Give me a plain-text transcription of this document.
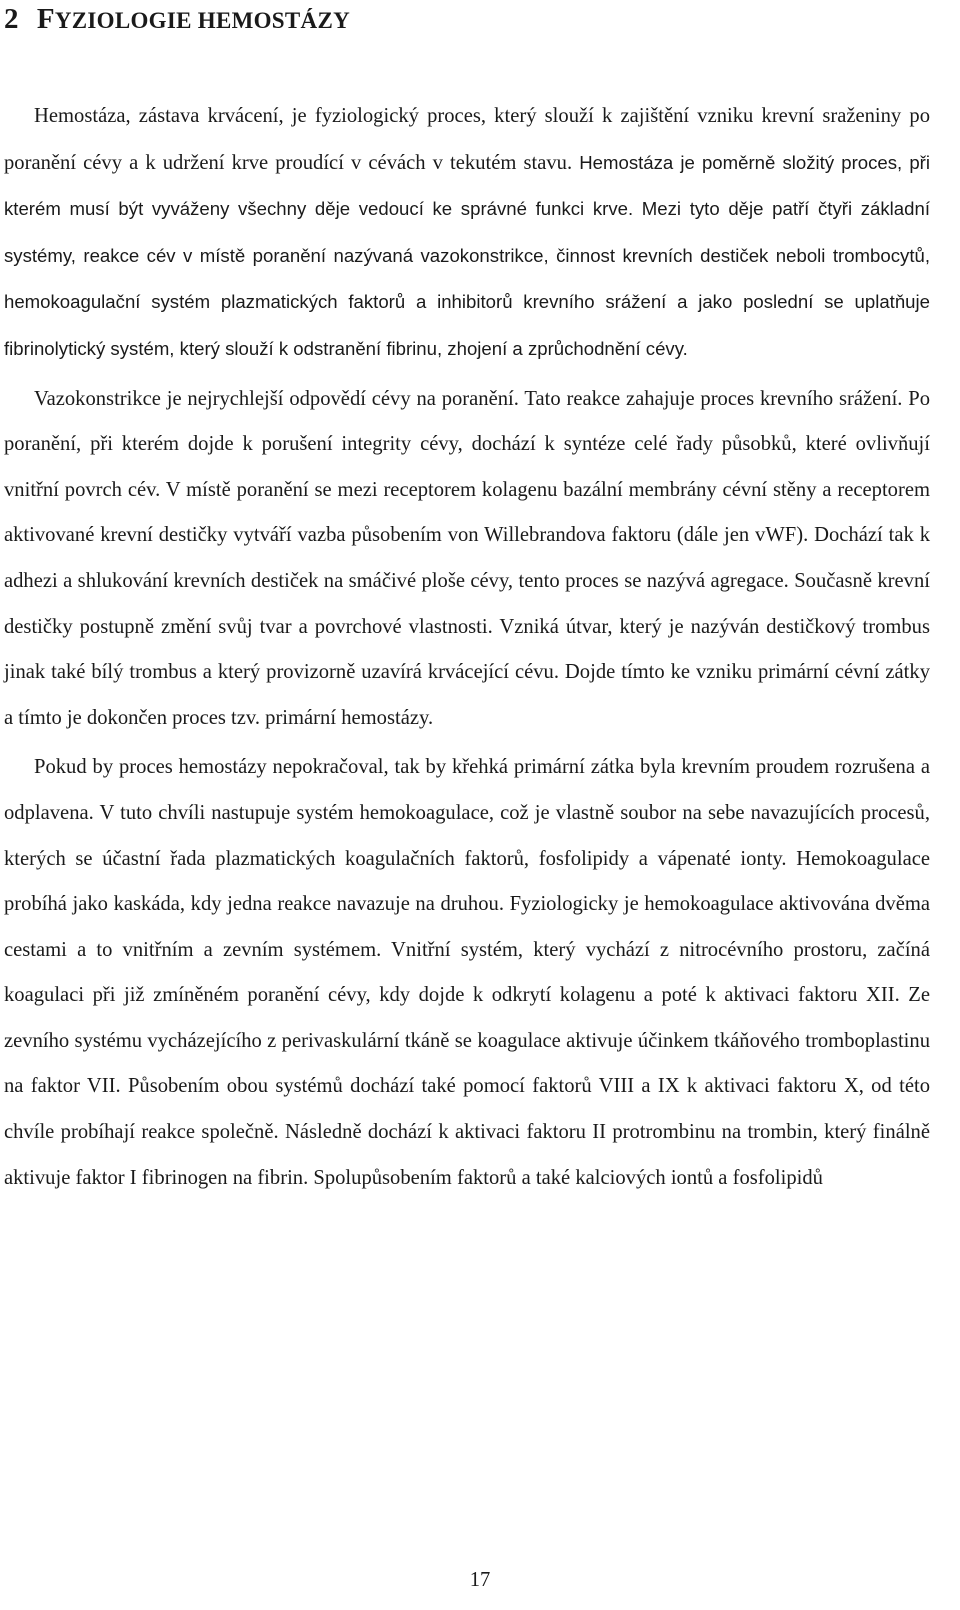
2 FYZIOLOGIE HEMOSTÁZY

Hemostáza, zástava krvácení, je fyziologický proces, který slouží k zajištění vzniku krevní sraženiny po poranění cévy a k udržení krve proudící v cévách v tekutém stavu. Hemostáza je poměrně složitý proces, při kterém musí být vyváženy všechny děje vedoucí ke správné funkci krve. Mezi tyto děje patří čtyři základní systémy, reakce cév v místě poranění nazývaná vazokonstrikce, činnost krevních destiček neboli trombocytů, hemokoagulační systém plazmatických faktorů a inhibitorů krevního srážení a jako poslední se uplatňuje fibrinolytický systém, který slouží k odstranění fibrinu, zhojení a zprůchodnění cévy.

Vazokonstrikce je nejrychlejší odpovědí cévy na poranění. Tato reakce zahajuje proces krevního srážení. Po poranění, při kterém dojde k porušení integrity cévy, dochází k syntéze celé řady působků, které ovlivňují vnitřní povrch cév. V místě poranění se mezi receptorem kolagenu bazální membrány cévní stěny a receptorem aktivované krevní destičky vytváří vazba působením von Willebrandova faktoru (dále jen vWF). Dochází tak k adhezi a shlukování krevních destiček na smáčivé ploše cévy, tento proces se nazývá agregace. Současně krevní destičky postupně změní svůj tvar a povrchové vlastnosti. Vzniká útvar, který je nazýván destičkový trombus jinak také bílý trombus a který provizorně uzavírá krvácející cévu. Dojde tímto ke vzniku primární cévní zátky a tímto je dokončen proces tzv. primární hemostázy.

Pokud by proces hemostázy nepokračoval, tak by křehká primární zátka byla krevním proudem rozrušena a odplavena. V tuto chvíli nastupuje systém hemokoagulace, což je vlastně soubor na sebe navazujících procesů, kterých se účastní řada plazmatických koagulačních faktorů, fosfolipidy a vápenaté ionty. Hemokoagulace probíhá jako kaskáda, kdy jedna reakce navazuje na druhou. Fyziologicky je hemokoagulace aktivována dvěma cestami a to vnitřním a zevním systémem. Vnitřní systém, který vychází z nitrocévního prostoru, začíná koagulaci při již zmíněném poranění cévy, kdy dojde k odkrytí kolagenu a poté k aktivaci faktoru XII. Ze zevního systému vycházejícího z perivaskulární tkáně se koagulace aktivuje účinkem tkáňového tromboplastinu na faktor VII. Působením obou systémů dochází také pomocí faktorů VIII a IX k aktivaci faktoru X, od této chvíle probíhají reakce společně. Následně dochází k aktivaci faktoru II protrombinu na trombin, který finálně aktivuje faktor I fibrinogen na fibrin. Spolupůsobením faktorů a také kalciových iontů a fosfolipidů

17
